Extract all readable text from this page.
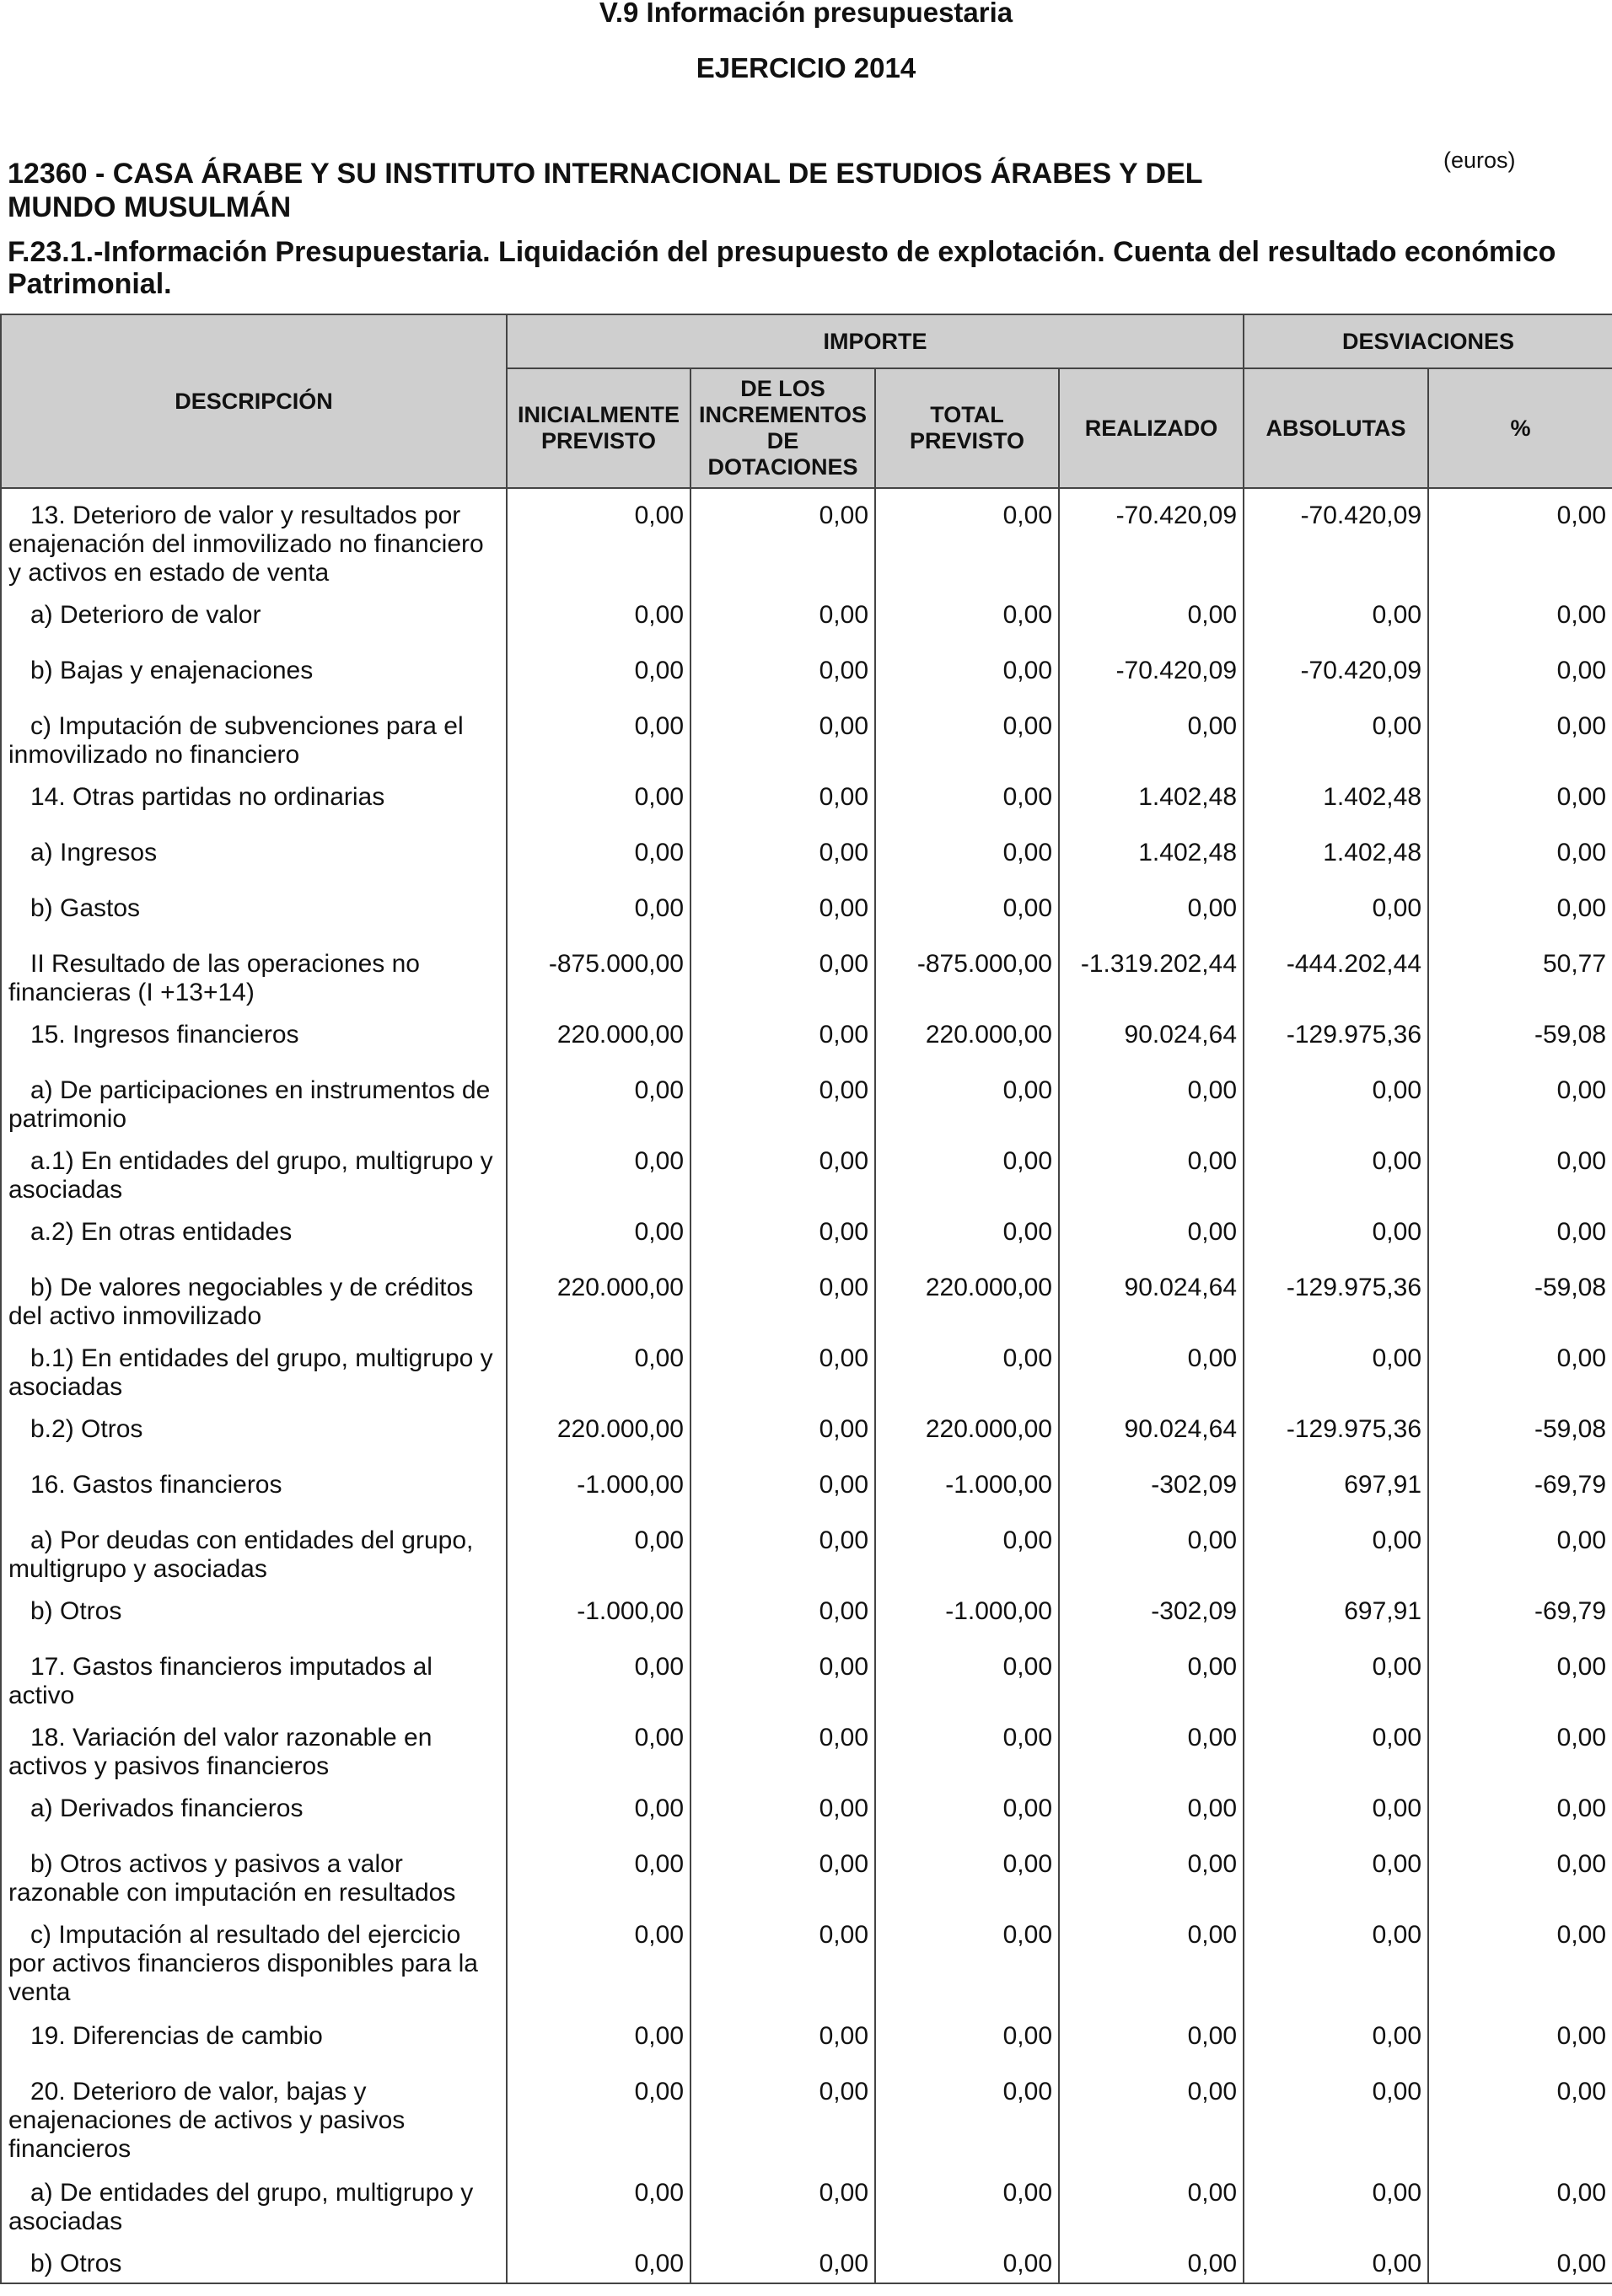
V.9 Información presupuestaria
EJERCICIO 2014
12360 - CASA ÁRABE Y SU INSTITUTO INTERNACIONAL DE ESTUDIOS ÁRABES Y DEL MUNDO MUSULMÁN
(euros)
F.23.1.-Información Presupuestaria. Liquidación del presupuesto de explotación. Cuenta del resultado económico Patrimonial.
DESCRIPCIÓN	IMPORTE				DESVIACIONES	
	INICIALMENTE PREVISTO	DE LOS INCREMENTOS DE DOTACIONES	TOTAL PREVISTO	REALIZADO	ABSOLUTAS	%
13. Deterioro de valor y resultados por enajenación del inmovilizado no financiero y activos en estado de venta	0,00	0,00	0,00	-70.420,09	-70.420,09	0,00
a) Deterioro de valor	0,00	0,00	0,00	0,00	0,00	0,00
b) Bajas y enajenaciones	0,00	0,00	0,00	-70.420,09	-70.420,09	0,00
c) Imputación de subvenciones para el inmovilizado no financiero	0,00	0,00	0,00	0,00	0,00	0,00
14. Otras partidas no ordinarias	0,00	0,00	0,00	1.402,48	1.402,48	0,00
a) Ingresos	0,00	0,00	0,00	1.402,48	1.402,48	0,00
b) Gastos	0,00	0,00	0,00	0,00	0,00	0,00
II Resultado de las operaciones no financieras (I +13+14)	-875.000,00	0,00	-875.000,00	-1.319.202,44	-444.202,44	50,77
15. Ingresos financieros	220.000,00	0,00	220.000,00	90.024,64	-129.975,36	-59,08
a) De participaciones en instrumentos de patrimonio	0,00	0,00	0,00	0,00	0,00	0,00
a.1) En entidades del grupo, multigrupo y asociadas	0,00	0,00	0,00	0,00	0,00	0,00
a.2) En otras entidades	0,00	0,00	0,00	0,00	0,00	0,00
b) De valores negociables y de créditos del activo inmovilizado	220.000,00	0,00	220.000,00	90.024,64	-129.975,36	-59,08
b.1) En entidades del grupo, multigrupo y asociadas	0,00	0,00	0,00	0,00	0,00	0,00
b.2) Otros	220.000,00	0,00	220.000,00	90.024,64	-129.975,36	-59,08
16. Gastos financieros	-1.000,00	0,00	-1.000,00	-302,09	697,91	-69,79
a) Por deudas con entidades del grupo, multigrupo y asociadas	0,00	0,00	0,00	0,00	0,00	0,00
b) Otros	-1.000,00	0,00	-1.000,00	-302,09	697,91	-69,79
17. Gastos financieros imputados al activo	0,00	0,00	0,00	0,00	0,00	0,00
18. Variación del valor razonable en activos y pasivos financieros	0,00	0,00	0,00	0,00	0,00	0,00
a) Derivados financieros	0,00	0,00	0,00	0,00	0,00	0,00
b) Otros activos y pasivos a valor razonable con imputación en resultados	0,00	0,00	0,00	0,00	0,00	0,00
c) Imputación al resultado del ejercicio por activos financieros disponibles para la venta	0,00	0,00	0,00	0,00	0,00	0,00
19. Diferencias de cambio	0,00	0,00	0,00	0,00	0,00	0,00
20. Deterioro de valor, bajas y enajenaciones de activos y pasivos financieros	0,00	0,00	0,00	0,00	0,00	0,00
a) De entidades del grupo, multigrupo y asociadas	0,00	0,00	0,00	0,00	0,00	0,00
b) Otros	0,00	0,00	0,00	0,00	0,00	0,00
